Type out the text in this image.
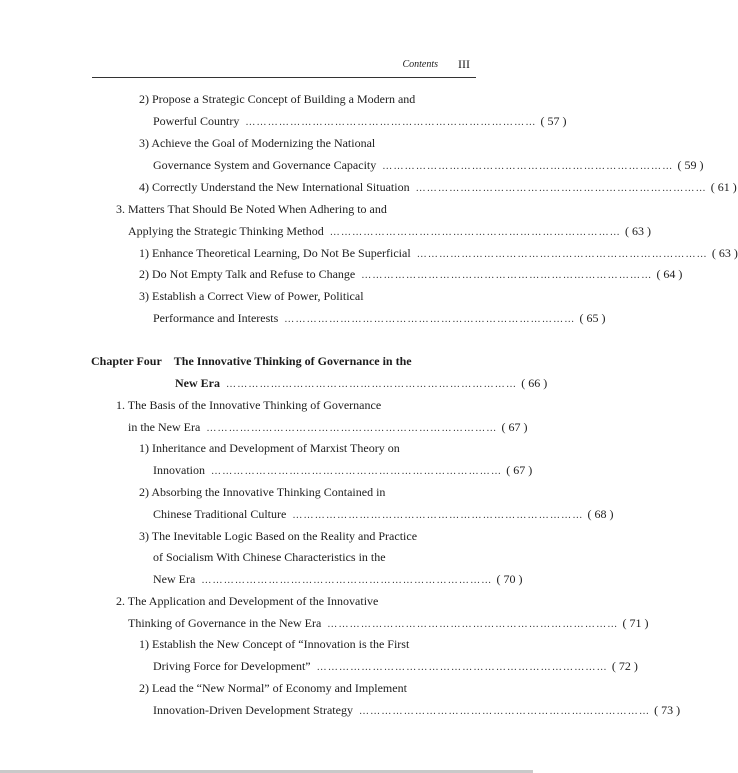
Contents III
2) Propose a Strategic Concept of Building a Modern and
Powerful Country …………………………………………………………………… ( 57 )
3) Achieve the Goal of Modernizing the National
Governance System and Governance Capacity …………………………………………………………………… ( 59 )
4) Correctly Understand the New International Situation …………………………………………………………………… ( 61 )
3. Matters That Should Be Noted When Adhering to and
Applying the Strategic Thinking Method …………………………………………………………………… ( 63 )
1) Enhance Theoretical Learning, Do Not Be Superficial …………………………………………………………………… ( 63 )
2) Do Not Empty Talk and Refuse to Change …………………………………………………………………… ( 64 )
3) Establish a Correct View of Power, Political
Performance and Interests …………………………………………………………………… ( 65 )
Chapter Four The Innovative Thinking of Governance in the
New Era …………………………………………………………………… ( 66 )
1. The Basis of the Innovative Thinking of Governance
in the New Era …………………………………………………………………… ( 67 )
1) Inheritance and Development of Marxist Theory on
Innovation …………………………………………………………………… ( 67 )
2) Absorbing the Innovative Thinking Contained in
Chinese Traditional Culture …………………………………………………………………… ( 68 )
3) The Inevitable Logic Based on the Reality and Practice
of Socialism With Chinese Characteristics in the
New Era …………………………………………………………………… ( 70 )
2. The Application and Development of the Innovative
Thinking of Governance in the New Era …………………………………………………………………… ( 71 )
1) Establish the New Concept of “Innovation is the First
Driving Force for Development” …………………………………………………………………… ( 72 )
2) Lead the “New Normal” of Economy and Implement
Innovation-Driven Development Strategy …………………………………………………………………… ( 73 )
